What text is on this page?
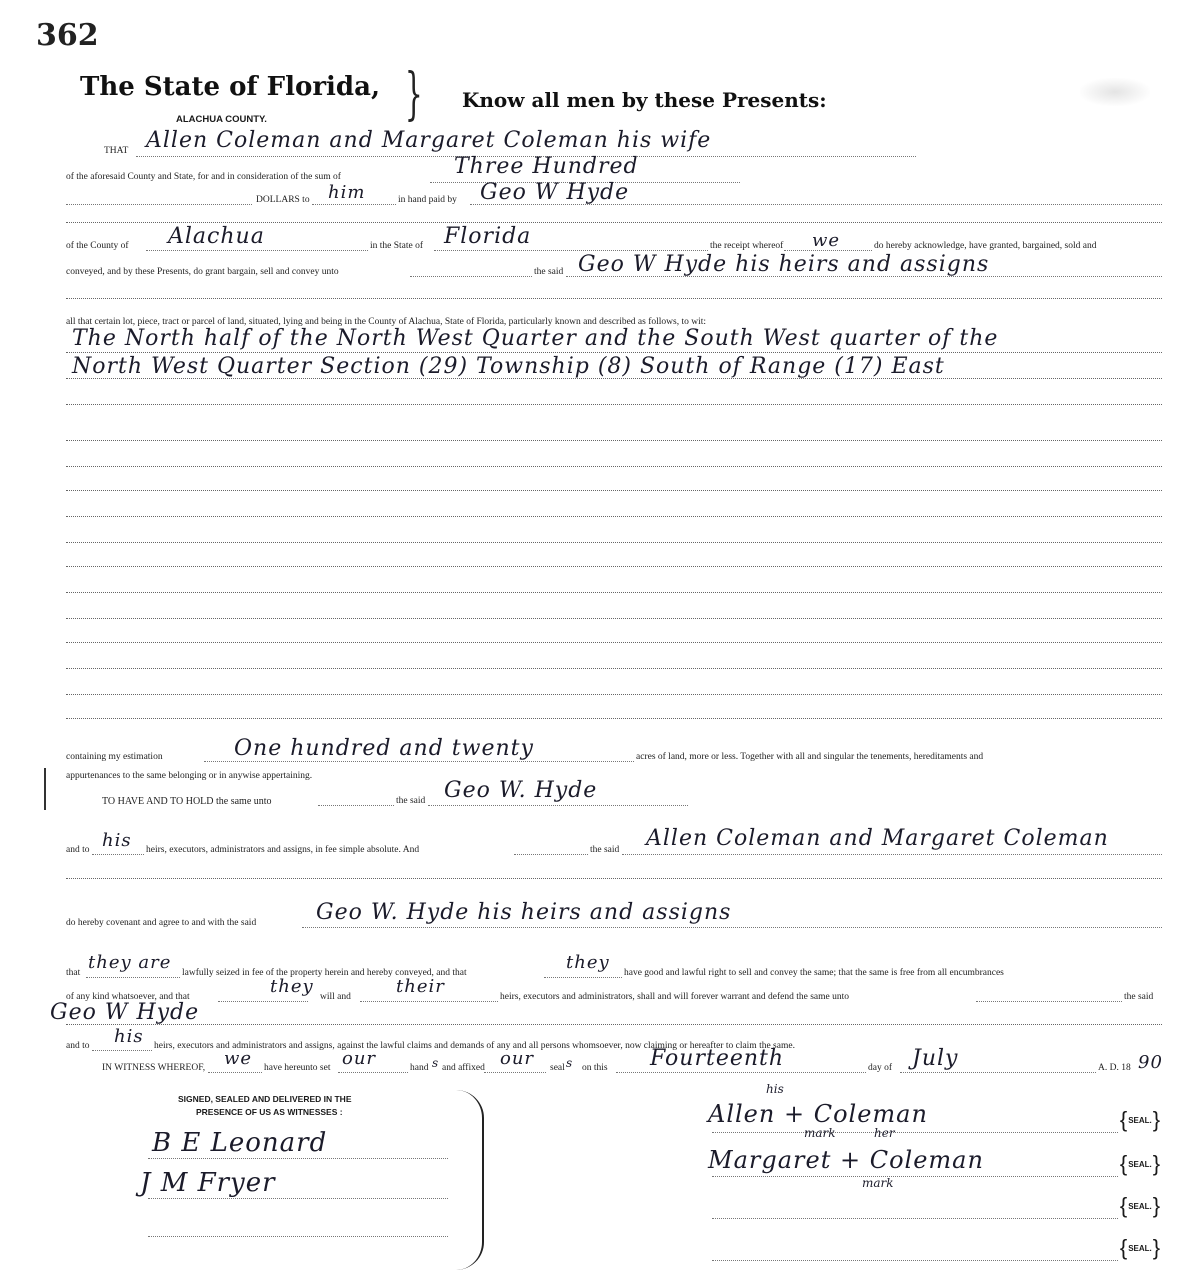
362
The State of Florida, } Know all men by these Presents:
ALACHUA COUNTY.
THAT Allen Coleman and Margaret Coleman his wife
of the aforesaid County and State, for and in consideration of the sum of	Three Hundred
DOLLARS to him	in hand paid by Geo W Hyde
of the County of Alachua	in the State of Florida	the receipt whereof we	do hereby acknowledge, have granted, bargained, sold and
conveyed, and by these Presents, do grant bargain, sell and convey unto	the said Geo W Hyde his heirs and assigns
all that certain lot, piece, tract or parcel of land, situated, lying and being in the County of Alachua, State of Florida, particularly known and described as follows, to wit:
The North half of the North West Quarter and the South West quarter of the
North West Quarter Section (29) Township (8) South of Range (17) East
containing my estimation	One hundred and twenty	acres of land, more or less. Together with all and singular the tenements, hereditaments and
appurtenances to the same belonging or in anywise appertaining.
TO HAVE AND TO HOLD the same unto	the said Geo W. Hyde
and to his heirs, executors, administrators and assigns, in fee simple absolute. And	the said Allen Coleman and Margaret Coleman
do hereby covenant and agree to and with the said	Geo W. Hyde his heirs and assigns
that they are lawfully seized in fee of the property herein and hereby conveyed, and that	they have good and lawful right to sell and convey the same; that the same is free from all encumbrances
of any kind whatsoever, and that	they will and	their	heirs, executors and administrators, shall and will forever warrant and defend the same unto	the said
Geo W Hyde
and to his heirs, executors and administrators and assigns, against the lawful claims and demands of any and all persons whomsoever, now claiming or hereafter to claim the same.
IN WITNESS WHEREOF, we have hereunto set our	hand s and affixed our seal s on this Fourteenth	day of July	A. D. 18 90
SIGNED, SEALED AND DELIVERED IN THE
PRESENCE OF US AS WITNESSES :
B E Leonard
J M Fryer
his
Allen + Coleman
{	SEAL. }
mark	her
Margaret + Coleman
mark
{ SEAL. }
{ SEAL. }
{ SEAL. }
